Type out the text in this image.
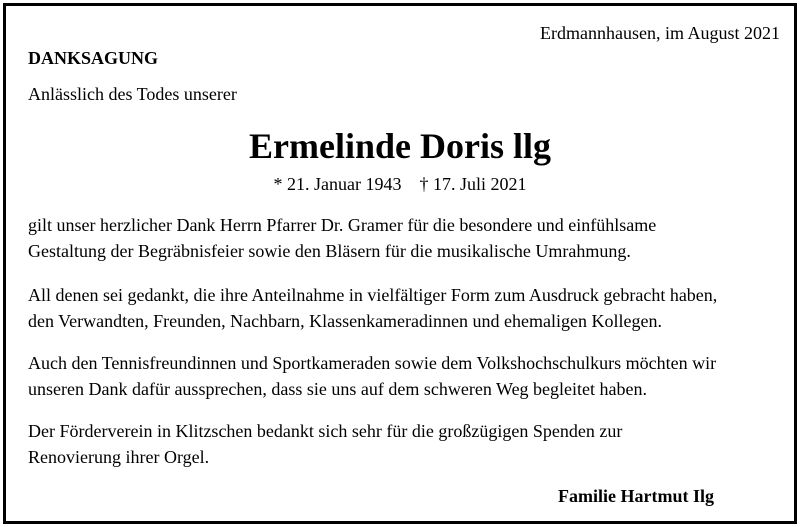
Erdmannhausen, im August 2021
DANKSAGUNG
Anlässlich des Todes unserer
Ermelinde Doris llg
* 21. Januar 1943 † 17. Juli 2021

gilt unser herzlicher Dank Herrn Pfarrer Dr. Gramer für die besondere und einfühlsame
Gestaltung der Begräbnisfeier sowie den Bläsern für die musikalische Umrahmung.

All denen sei gedankt, die ihre Anteilnahme in vielfältiger Form zum Ausdruck gebracht haben,
den Verwandten, Freunden, Nachbarn, Klassenkameradinnen und ehemaligen Kollegen.

Auch den Tennisfreundinnen und Sportkameraden sowie dem Volkshochschulkurs möchten wir
unseren Dank dafür aussprechen, dass sie uns auf dem schweren Weg begleitet haben.

Der Förderverein in Klitzschen bedankt sich sehr für die großzügigen Spenden zur
Renovierung ihrer Orgel.

Familie Hartmut Ilg
